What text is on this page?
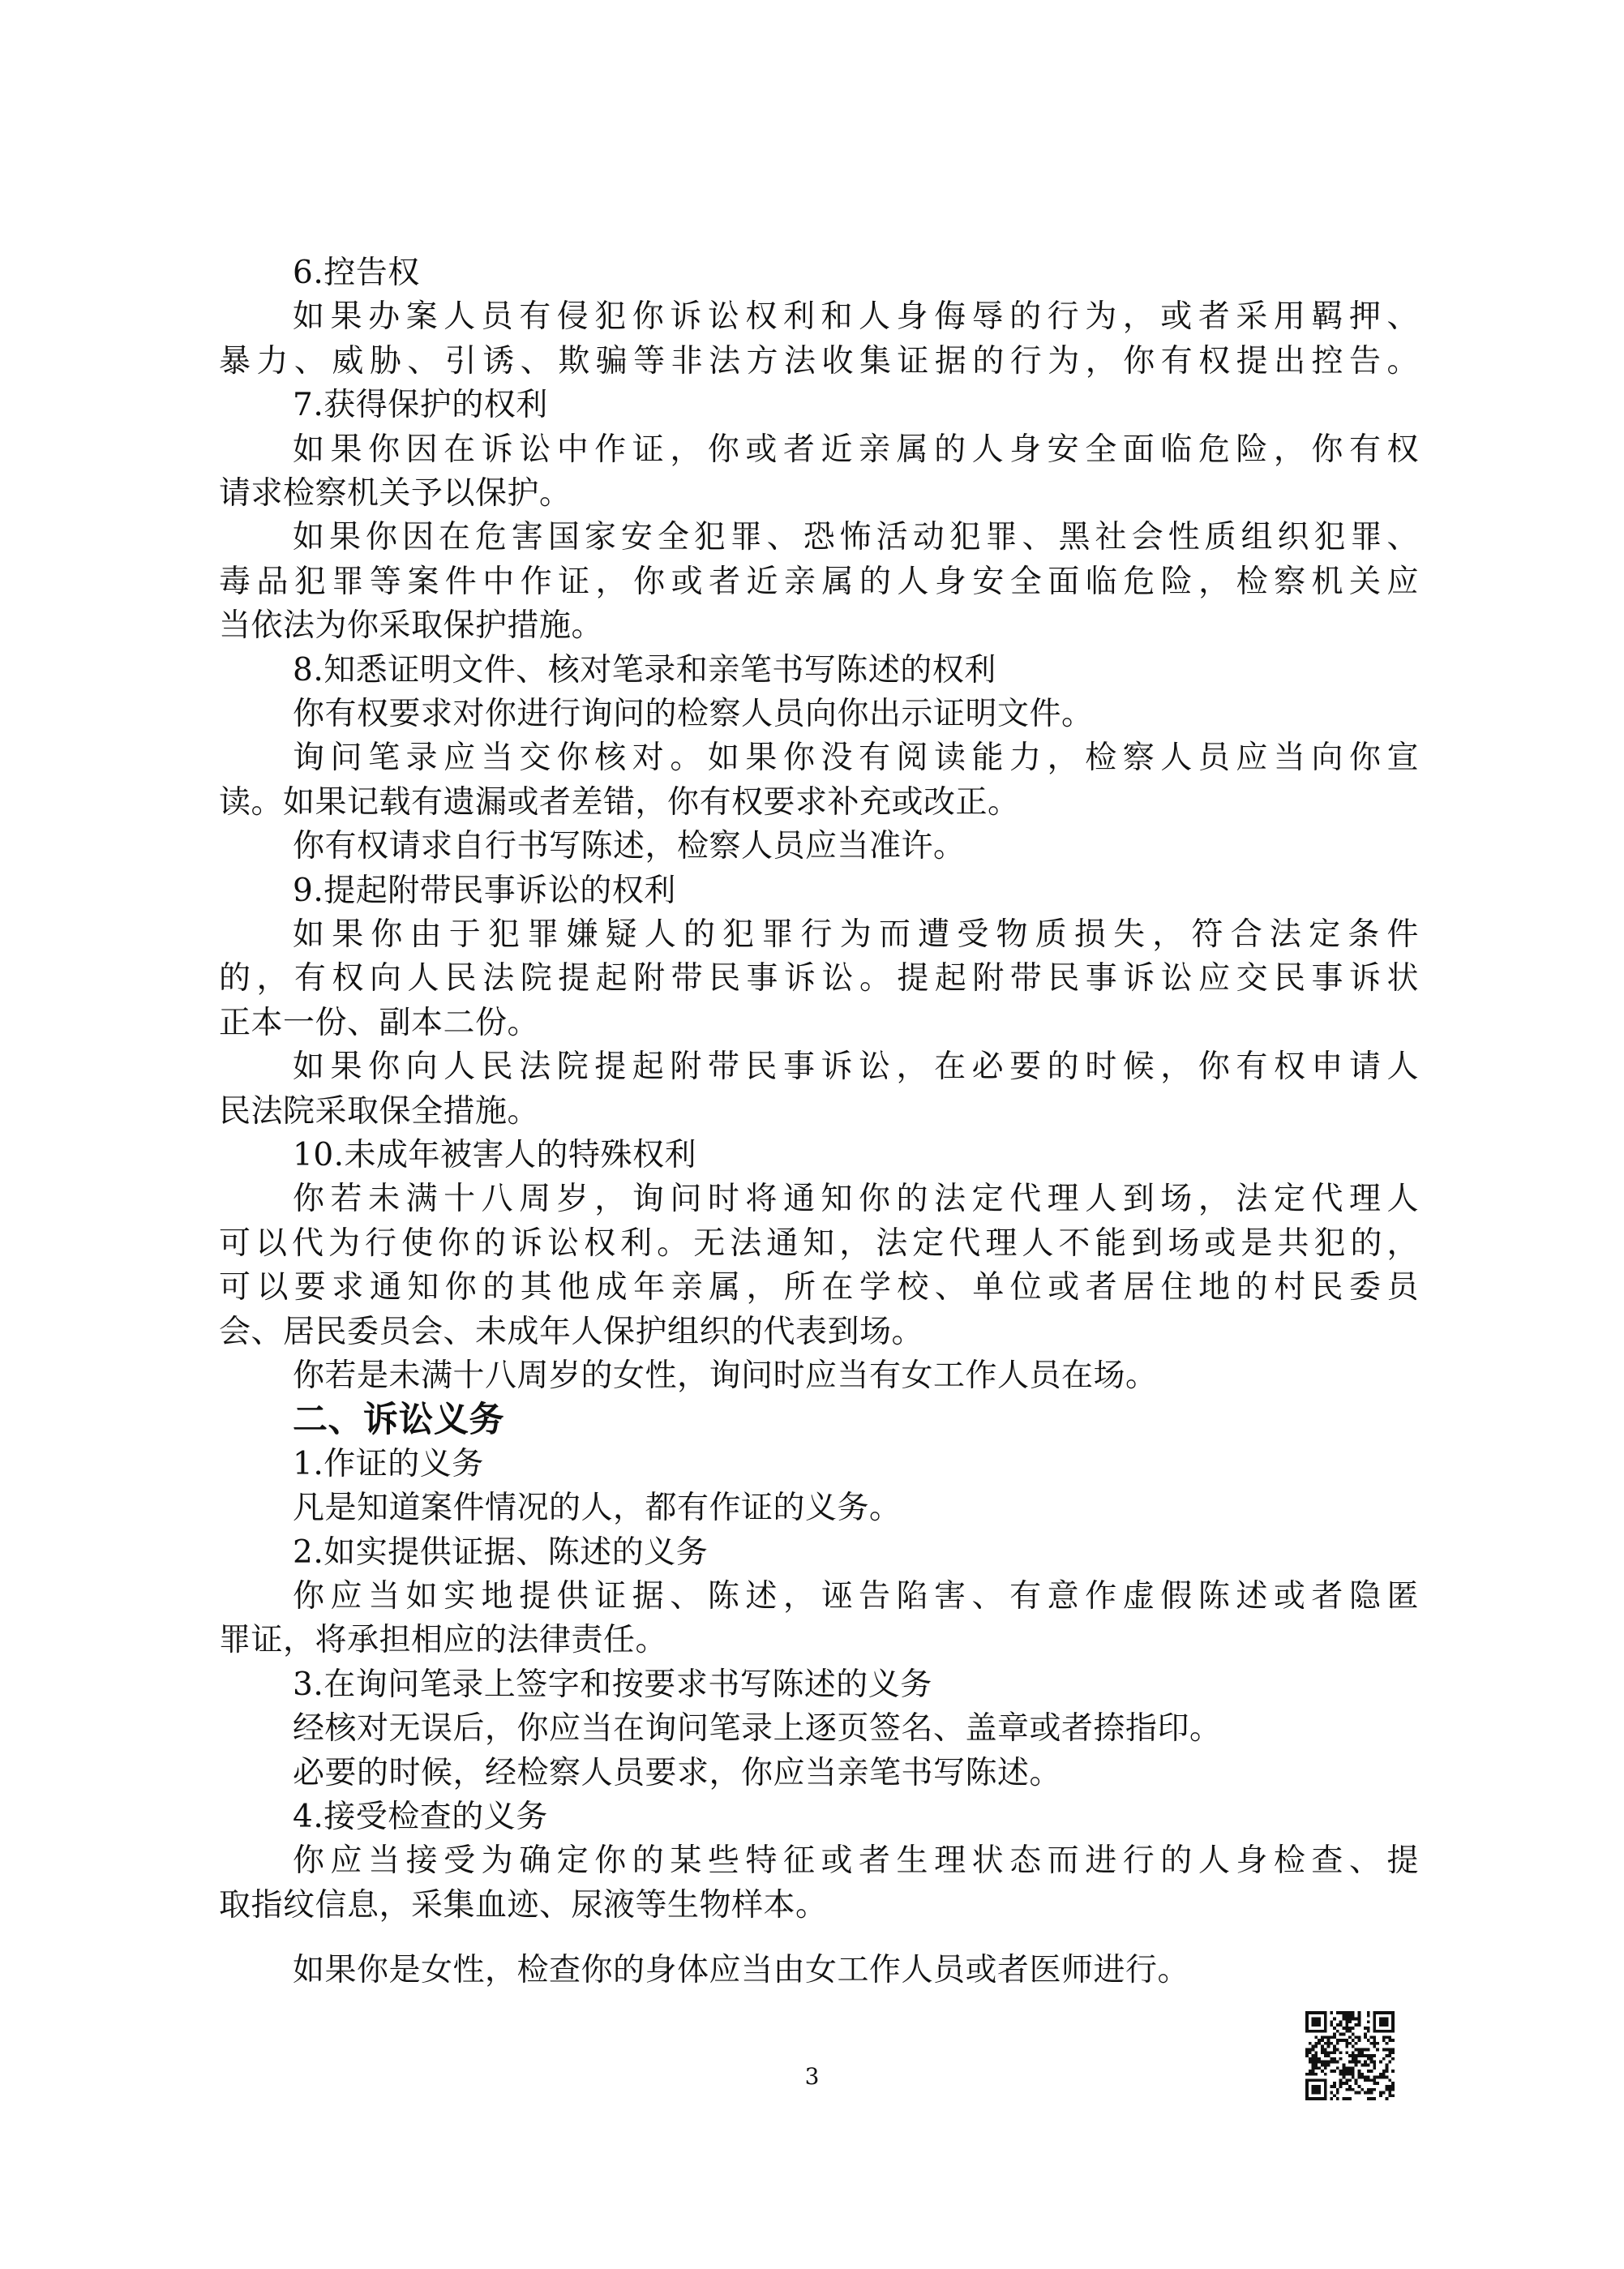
6.控告权
如果办案人员有侵犯你诉讼权利和人身侮辱的行为，或者采用羁押、
暴力、威胁、引诱、欺骗等非法方法收集证据的行为，你有权提出控告。
7.获得保护的权利
如果你因在诉讼中作证，你或者近亲属的人身安全面临危险，你有权
请求检察机关予以保护。
如果你因在危害国家安全犯罪、恐怖活动犯罪、黑社会性质组织犯罪、
毒品犯罪等案件中作证，你或者近亲属的人身安全面临危险，检察机关应
当依法为你采取保护措施。
8.知悉证明文件、核对笔录和亲笔书写陈述的权利
你有权要求对你进行询问的检察人员向你出示证明文件。
询问笔录应当交你核对。如果你没有阅读能力，检察人员应当向你宣
读。如果记载有遗漏或者差错，你有权要求补充或改正。
你有权请求自行书写陈述，检察人员应当准许。
9.提起附带民事诉讼的权利
如果你由于犯罪嫌疑人的犯罪行为而遭受物质损失，符合法定条件
的，有权向人民法院提起附带民事诉讼。提起附带民事诉讼应交民事诉状
正本一份、副本二份。
如果你向人民法院提起附带民事诉讼，在必要的时候，你有权申请人
民法院采取保全措施。
10.未成年被害人的特殊权利
你若未满十八周岁，询问时将通知你的法定代理人到场，法定代理人
可以代为行使你的诉讼权利。无法通知，法定代理人不能到场或是共犯的，
可以要求通知你的其他成年亲属，所在学校、单位或者居住地的村民委员
会、居民委员会、未成年人保护组织的代表到场。
你若是未满十八周岁的女性，询问时应当有女工作人员在场。
二、诉讼义务
1.作证的义务
凡是知道案件情况的人，都有作证的义务。
2.如实提供证据、陈述的义务
你应当如实地提供证据、陈述，诬告陷害、有意作虚假陈述或者隐匿
罪证，将承担相应的法律责任。
3.在询问笔录上签字和按要求书写陈述的义务
经核对无误后，你应当在询问笔录上逐页签名、盖章或者捺指印。
必要的时候，经检察人员要求，你应当亲笔书写陈述。
4.接受检查的义务
你应当接受为确定你的某些特征或者生理状态而进行的人身检查、提
取指纹信息，采集血迹、尿液等生物样本。
如果你是女性，检查你的身体应当由女工作人员或者医师进行。
3
